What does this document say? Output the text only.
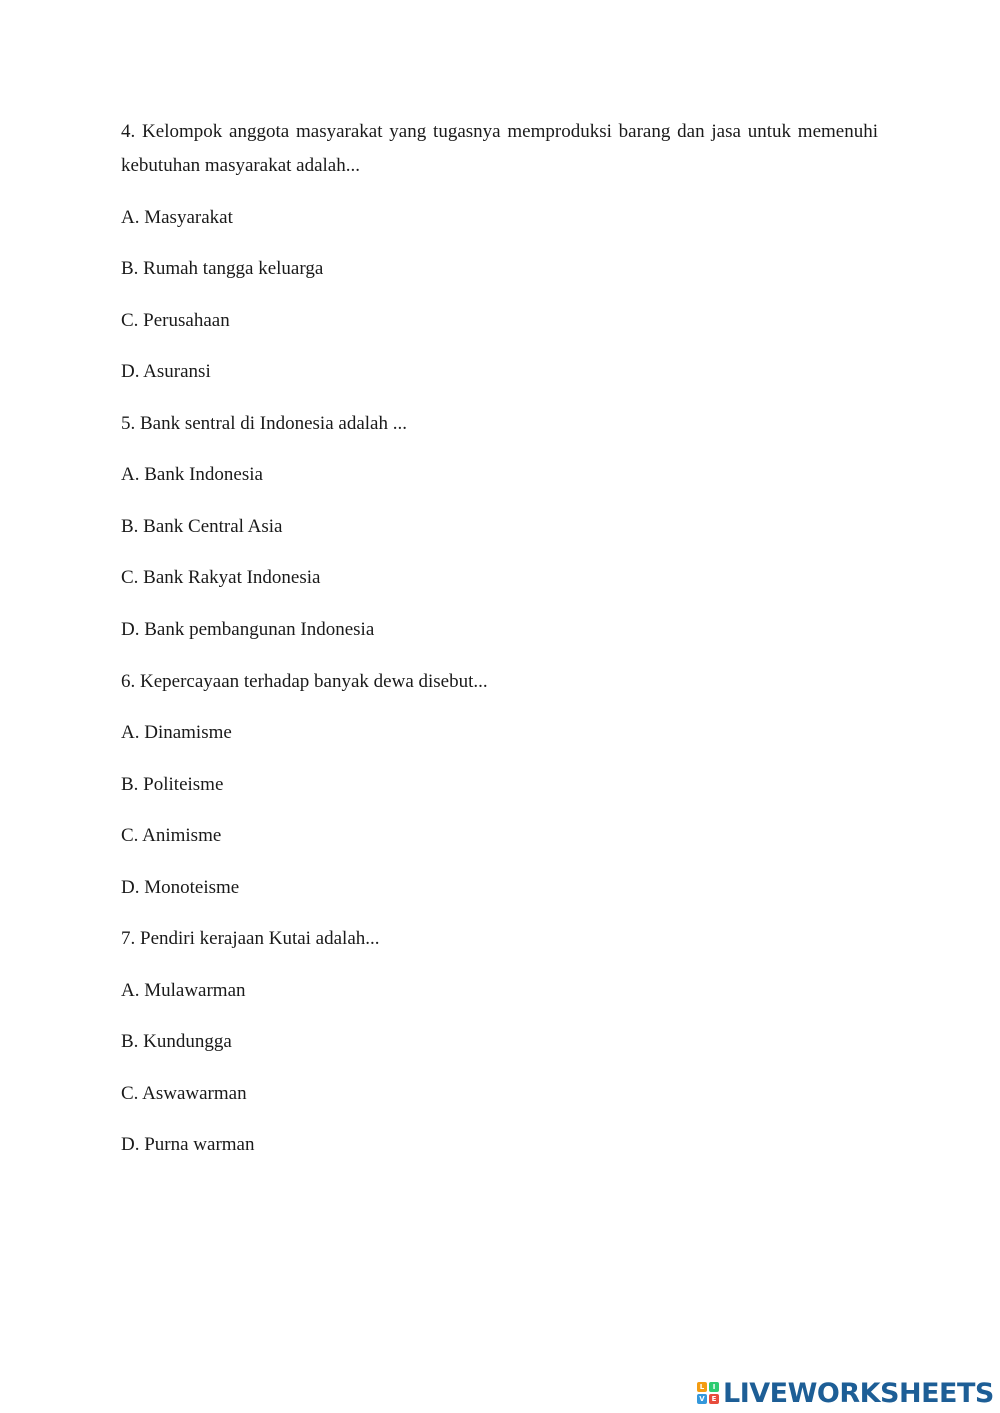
4. Kelompok anggota masyarakat yang tugasnya memproduksi barang dan jasa untuk memenuhi kebutuhan masyarakat adalah...
A. Masyarakat
B. Rumah tangga keluarga
C. Perusahaan
D. Asuransi
5. Bank sentral di Indonesia adalah ...
A. Bank Indonesia
B. Bank Central Asia
C. Bank Rakyat Indonesia
D. Bank pembangunan Indonesia
6. Kepercayaan terhadap banyak dewa disebut...
A. Dinamisme
B. Politeisme
C. Animisme
D. Monoteisme
7. Pendiri kerajaan Kutai adalah...
A. Mulawarman
B. Kundungga
C. Aswawarman
D. Purna warman
L	I
V E LIVEWORKSHEETS
